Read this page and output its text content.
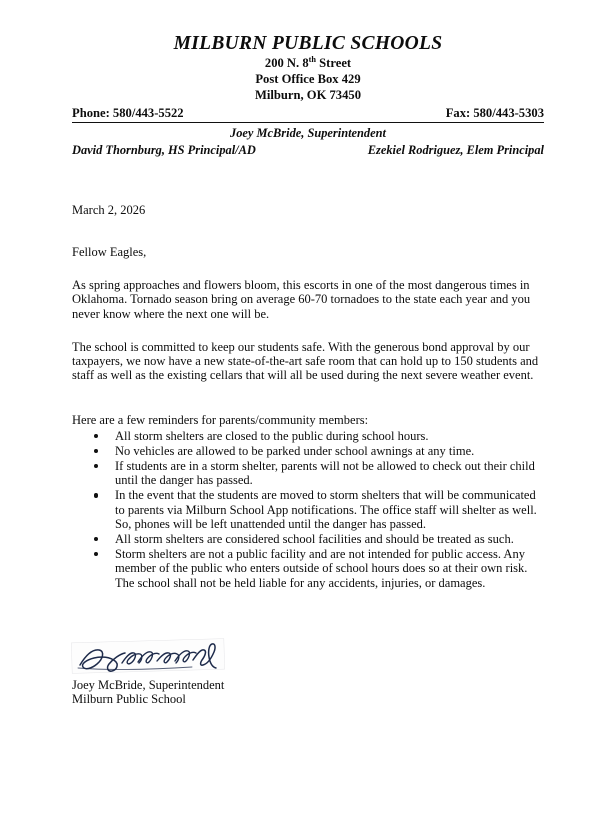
MILBURN PUBLIC SCHOOLS
200 N. 8th Street
Post Office Box 429
Milburn, OK 73450
Phone: 580/443-5522	Fax: 580/443-5303
Joey McBride, Superintendent
David Thornburg, HS Principal/AD	Ezekiel Rodriguez, Elem Principal
March 2, 2026
Fellow Eagles,

As spring approaches and flowers bloom, this escorts in one of the most dangerous times in Oklahoma. Tornado season bring on average 60-70 tornadoes to the state each year and you never know where the next one will be.

The school is committed to keep our students safe. With the generous bond approval by our taxpayers, we now have a new state-of-the-art safe room that can hold up to 150 students and staff as well as the existing cellars that will all be used during the next severe weather event.

Here are a few reminders for parents/community members:
All storm shelters are closed to the public during school hours.
No vehicles are allowed to be parked under school awnings at any time.
If students are in a storm shelter, parents will not be allowed to check out their child until the danger has passed.
In the event that the students are moved to storm shelters that will be communicated to parents via Milburn School App notifications. The office staff will shelter as well. So, phones will be left unattended until the danger has passed.
All storm shelters are considered school facilities and should be treated as such.
Storm shelters are not a public facility and are not intended for public access. Any member of the public who enters outside of school hours does so at their own risk. The school shall not be held liable for any accidents, injuries, or damages.
Joey McBride, Superintendent
Milburn Public School
